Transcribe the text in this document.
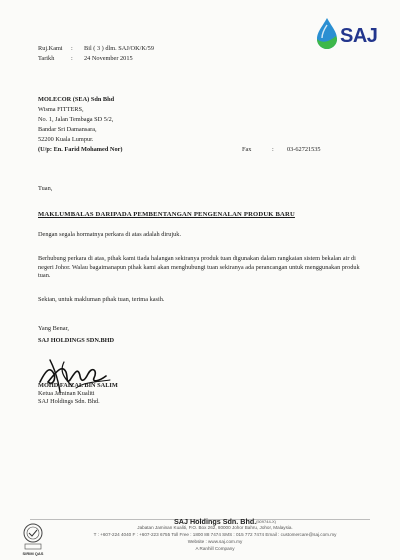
SAJ
Ruj.Kami : Bil ( 3 ) dlm. SAJ/OK/K/59
Tarikh	: 24 November 2015
MOLECOR (SEA) Sdn Bhd
Wisma FITTERS,
No. 1, Jalan Tembaga SD 5/2,
Bandar Sri Damansara,
52200 Kuala Lumpur.
(U/p: En. Farid Mohamed Nor)	Fax	: 03-62721535
Tuan,
MAKLUMBALAS DARIPADA PEMBENTANGAN PENGENALAN PRODUK BARU
Dengan segala hormatnya perkara di atas adalah dirujuk.
Berhubung perkara di atas, pihak kami tiada halangan sekiranya produk tuan digunakan dalam rangkaian sistem bekalan air di negeri Johor. Walau bagaimanapun pihak kami akan menghubungi tuan sekiranya ada perancangan untuk menggunakan produk tuan.
Sekian, untuk makluman pihak tuan, terima kasih.
Yang Benar,
SAJ HOLDINGS SDN.BHD
MOHD FAIZAL BIN SALIM
Ketua Jaminan Kualiti
SAJ Holdings Sdn. Bhd.
SIRIM QAS
SAJ Holdings Sdn. Bhd. (509744-X)
Jabatan Jaminan Kualiti, P.O. Box 262, 80000 Johor Bahru, Johor, Malaysia.
T : +607-224 4040 F : +607-223 6755 Toll Free : 1800 88 7474 SMS : 015 772 7474 Email : customercare@saj.com.my
Website : www.saj.com.my
A Ranhill Company
